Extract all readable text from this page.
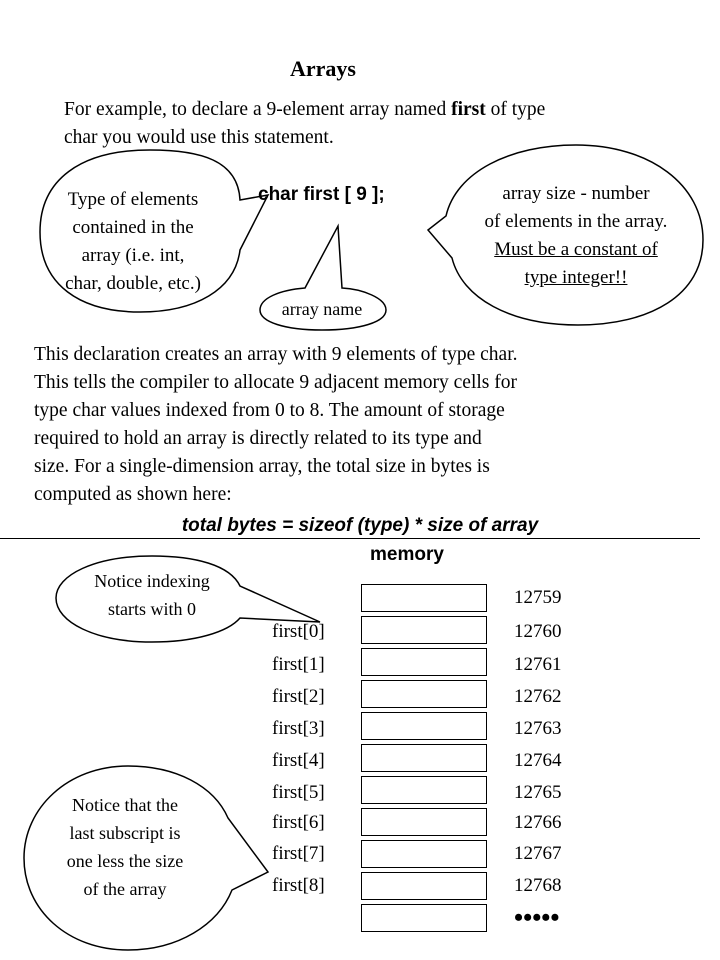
Arrays
For example, to declare a 9-element array named first of type
char you would use this statement.
char first [ 9 ];
Type of elements
contained in the
array (i.e. int,
char, double, etc.)
array size - number
of elements in the array.
Must be a constant of
type integer!!
array name
This declaration creates an array with 9 elements of type char.
This tells the compiler to allocate 9 adjacent memory cells for
type char values indexed from 0 to 8. The amount of storage
required to hold an array is directly related to its type and
size. For a single-dimension array, the total size in bytes is
computed as shown here:
total bytes = sizeof (type) * size of array
memory
Notice indexing
starts with 0
Notice that the
last subscript is
one less the size
of the array
12759
first[0]	12760
first[1]	12761
first[2]	12762
first[3]	12763
first[4]	12764
first[5]	12765
first[6]	12766
first[7]	12767
first[8]	12768
•••••
